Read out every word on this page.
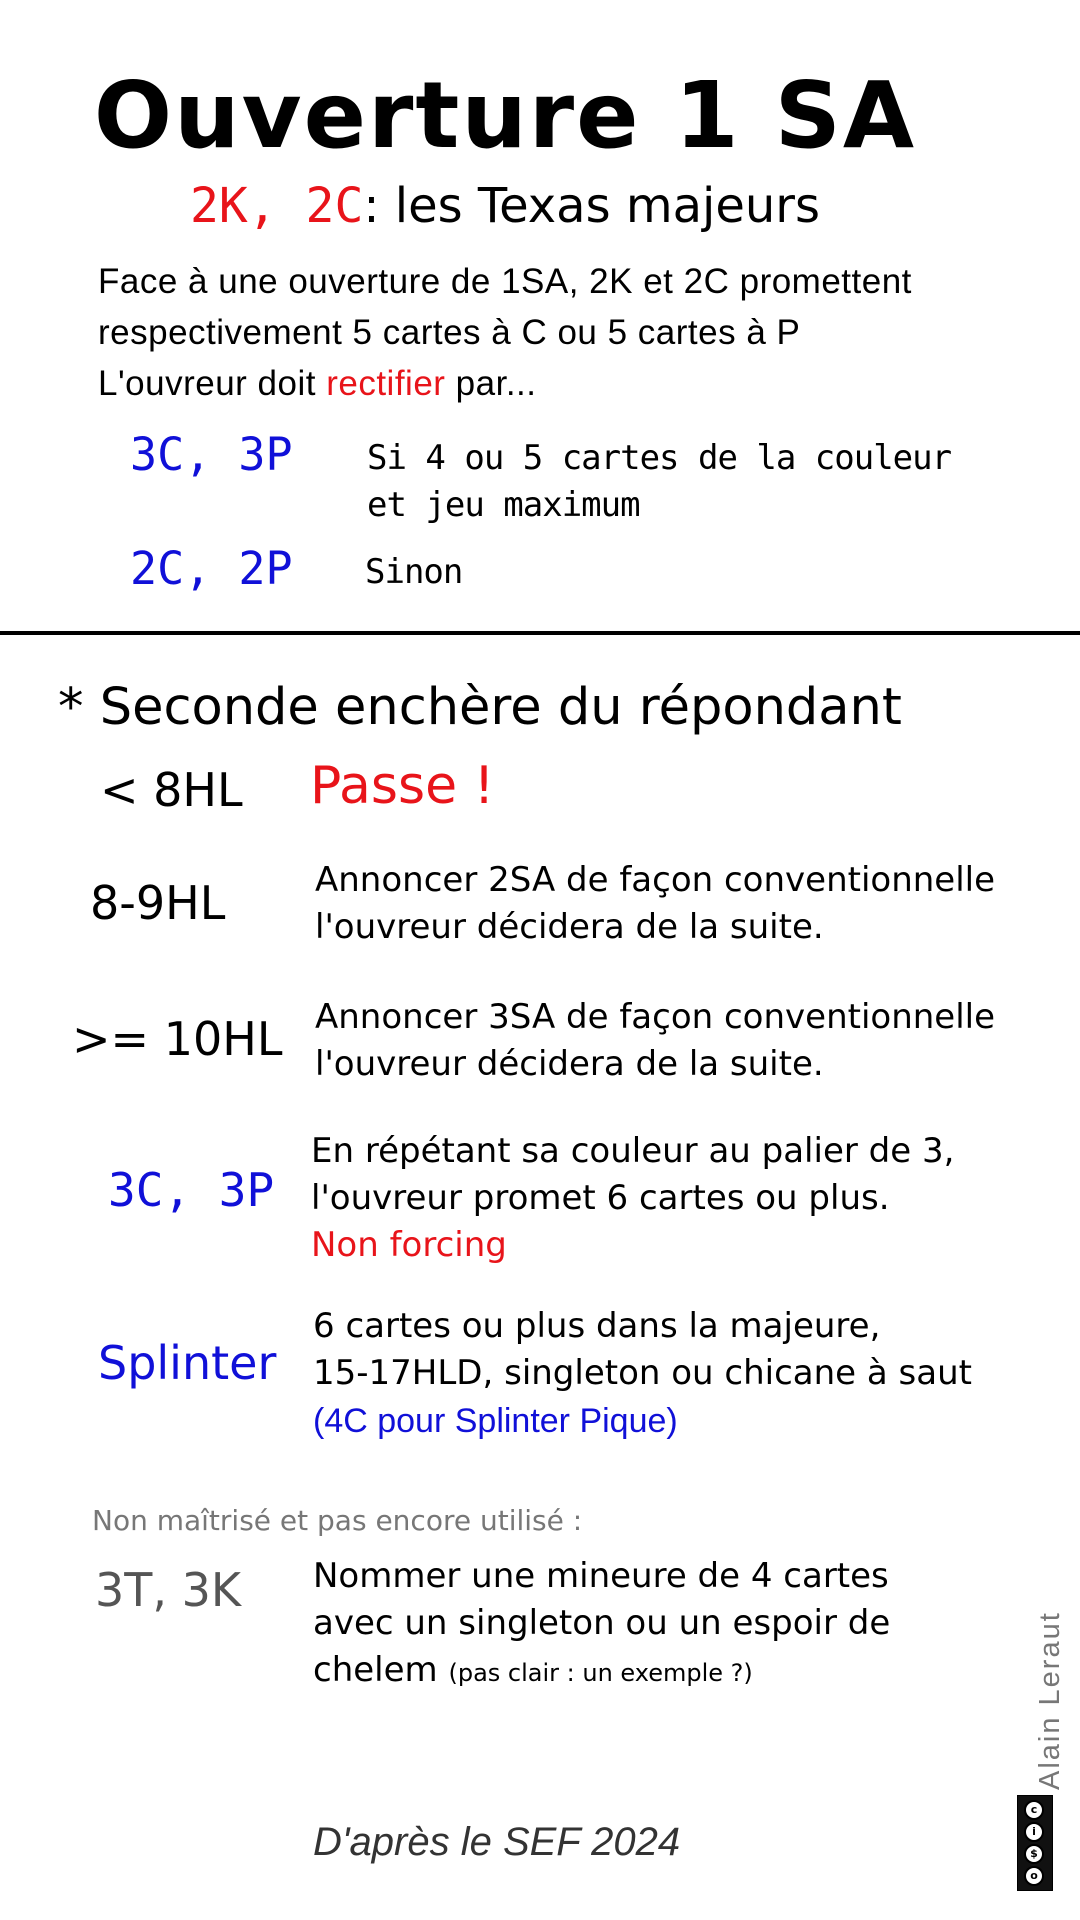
Ouverture 1 SA
2K, 2C: les Texas majeurs
Face à une ouverture de 1SA, 2K et 2C promettent
respectivement 5 cartes à C ou 5 cartes à P
L'ouvreur doit rectifier par...
3C, 3P Si 4 ou 5 cartes de la couleur
et jeu maximum
2C, 2P Sinon
* Seconde enchère du répondant
< 8HL Passe !
8-9HL	Annoncer 2SA de façon conventionnelle
l'ouvreur décidera de la suite.
>= 10HL Annoncer 3SA de façon conventionnelle
l'ouvreur décidera de la suite.
3C, 3P
En répétant sa couleur au palier de 3,
l'ouvreur promet 6 cartes ou plus.
Non forcing
Splinter
6 cartes ou plus dans la majeure,
15-17HLD, singleton ou chicane à saut
(4C pour Splinter Pique)
Non maîtrisé et pas encore utilisé :
3T, 3K Nommer une mineure de 4 cartes
avec un singleton ou un espoir de
chelem (pas clair : un exemple ?)
D'après le SEF 2024
Alain Leraut
c
i
$
o
